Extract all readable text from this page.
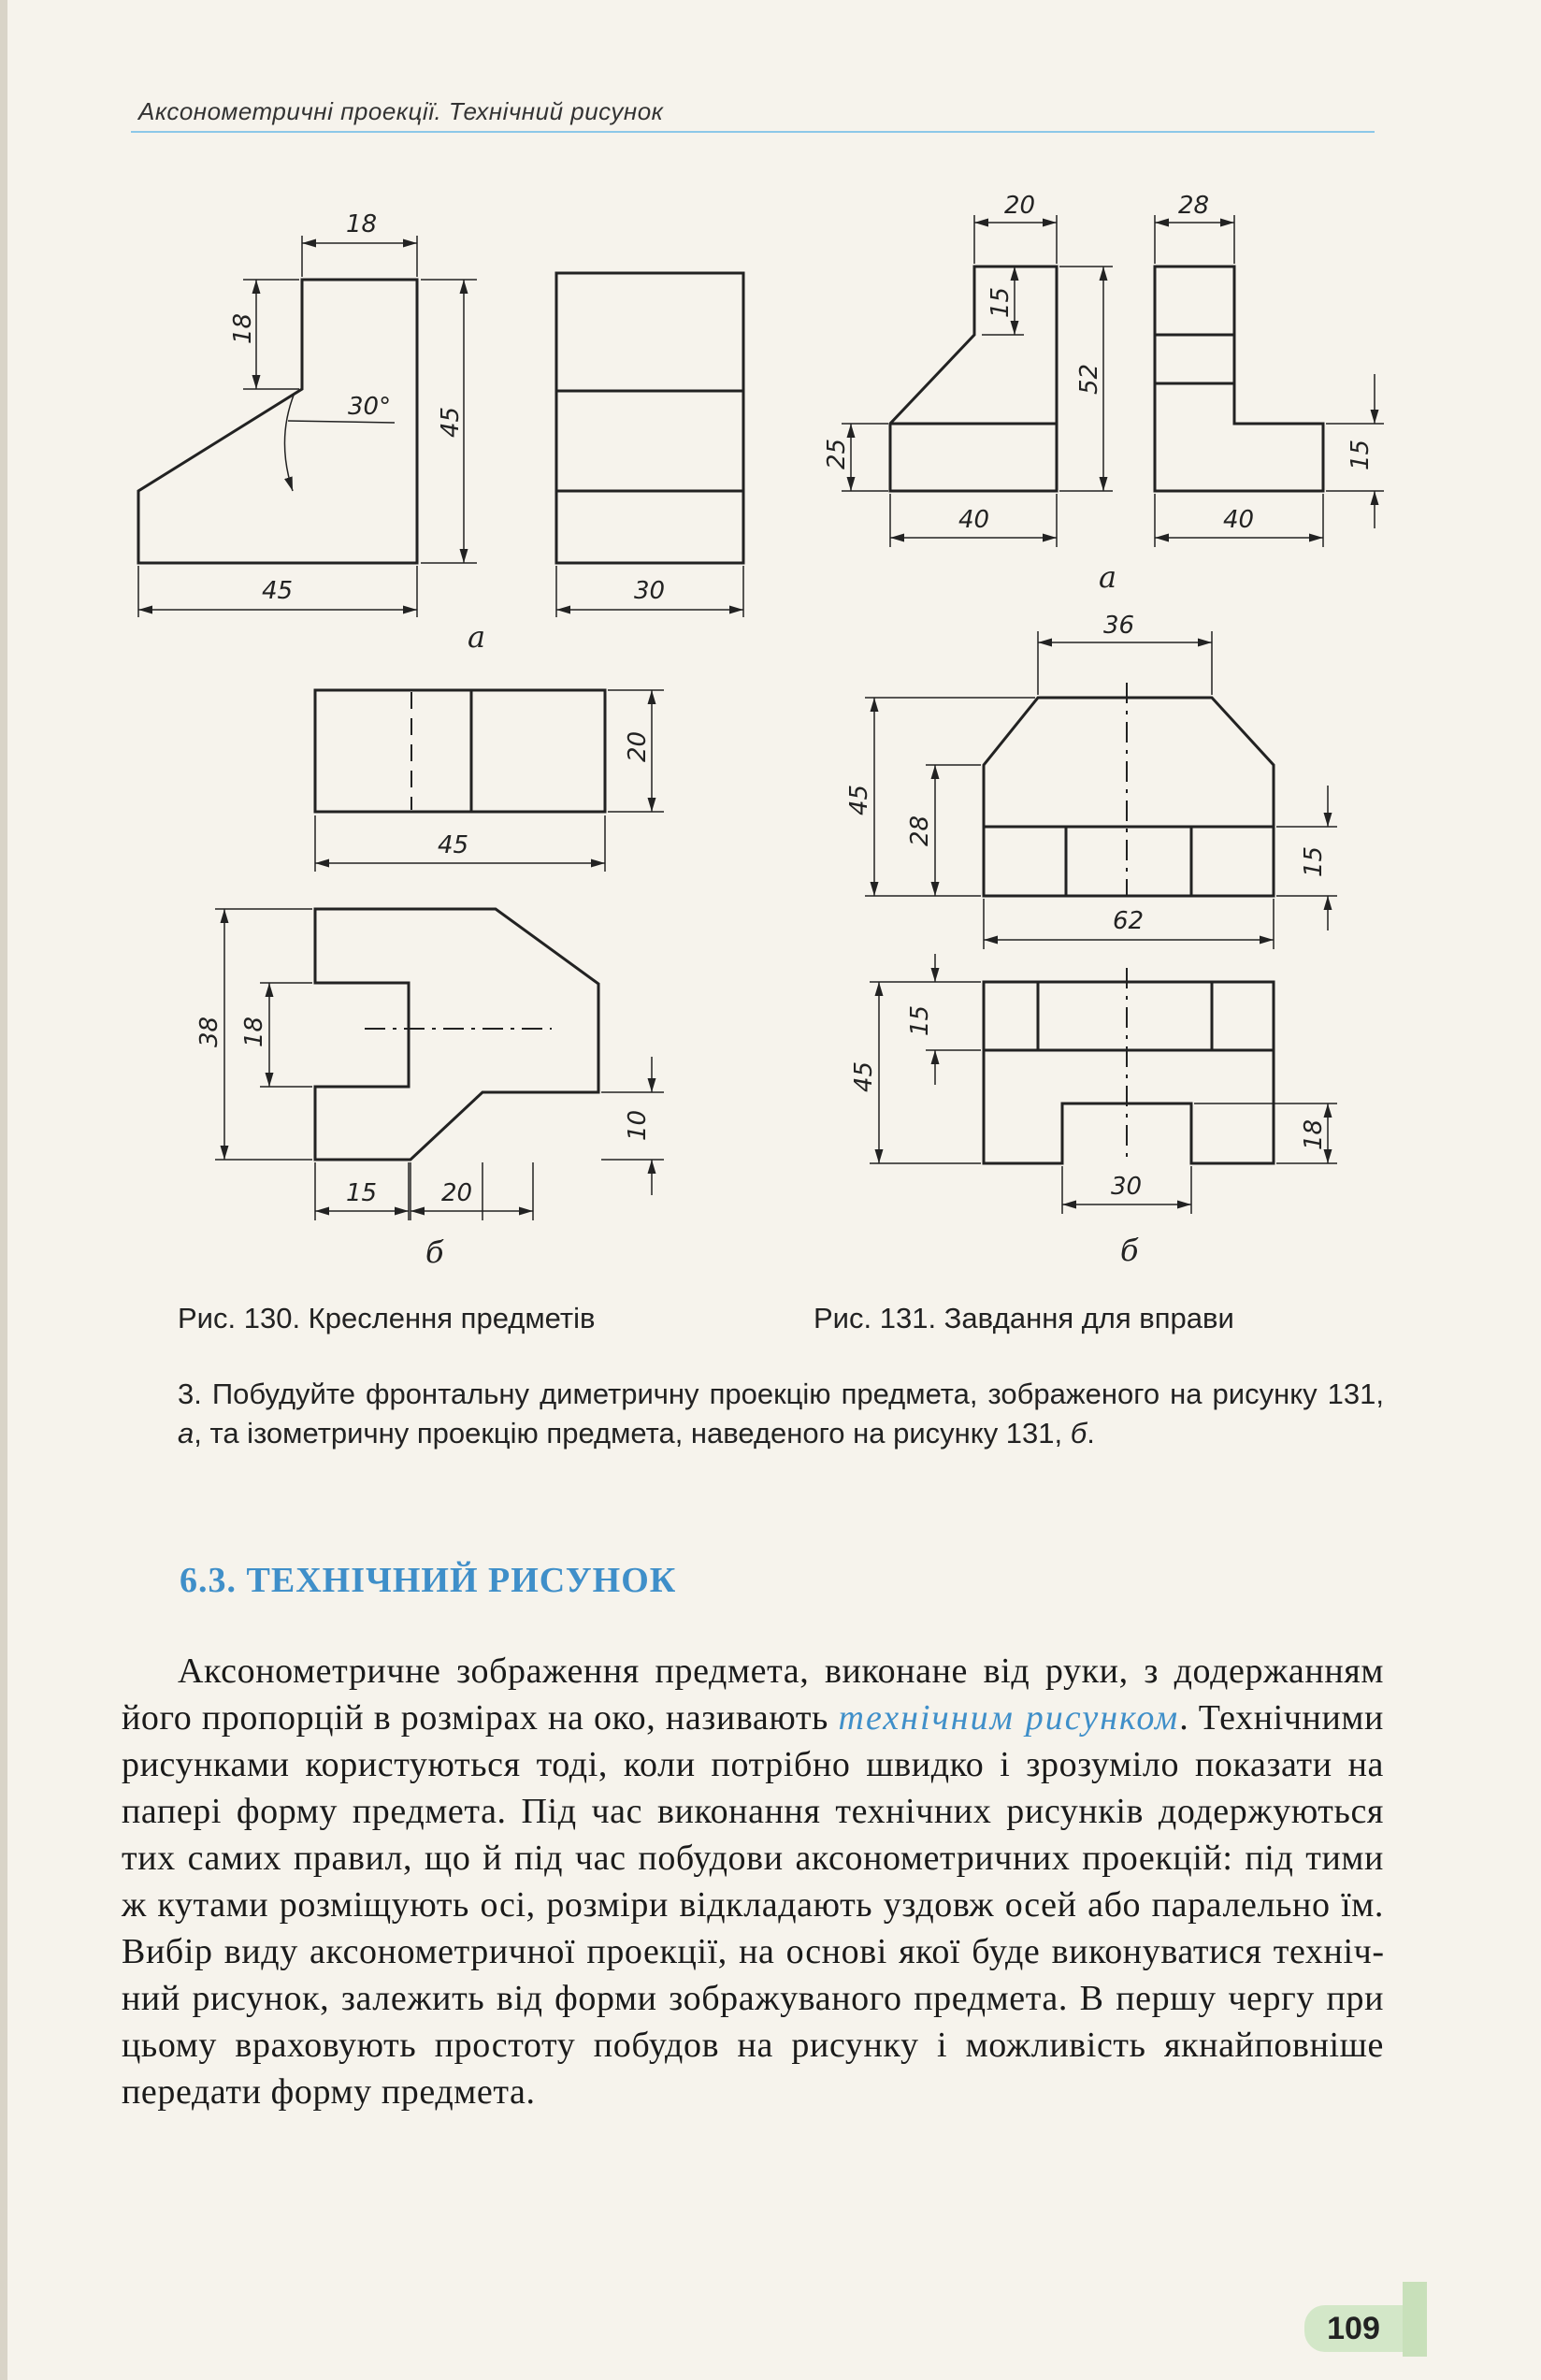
Аксонометричні проекції. Технічний рисунок
18
18
30° 45
45	30
а
20
45
38 18
10
15	20
б
20
15
52
25
40
28
15
40
а
36
45
28
15
62
45
15
18
30
б
Рис. 130. Креслення предметів	Рис. 131. Завдання для вправи
3. Побудуйте фронтальну диметричну проекцію предмета, зображеного на рисунку 131, а, та ізометричну проекцію предмета, наведеного на рисунку 131, б.
6.3. ТЕХНІЧНИЙ РИСУНОК
Аксонометричне зображення предмета, виконане від руки, з додержанням його пропорцій в розмірах на око, називають технічним рисунком. Технічними рисунками користуються тоді, коли потрібно швидко і зрозуміло показати на папері форму предмета. Під час виконання технічних рисунків додержуються тих самих правил, що й під час побудови аксонометричних проекцій: під тими ж кутами розміщують осі, розміри відкладають уздовж осей або паралельно їм. Вибір виду аксонометричної проекції, на основі якої буде виконуватися технічний рисунок, залежить від форми зображуваного предмета. В першу чергу при цьому враховують простоту побудов на рисунку і можливість якнайповніше передати форму предмета.
109
